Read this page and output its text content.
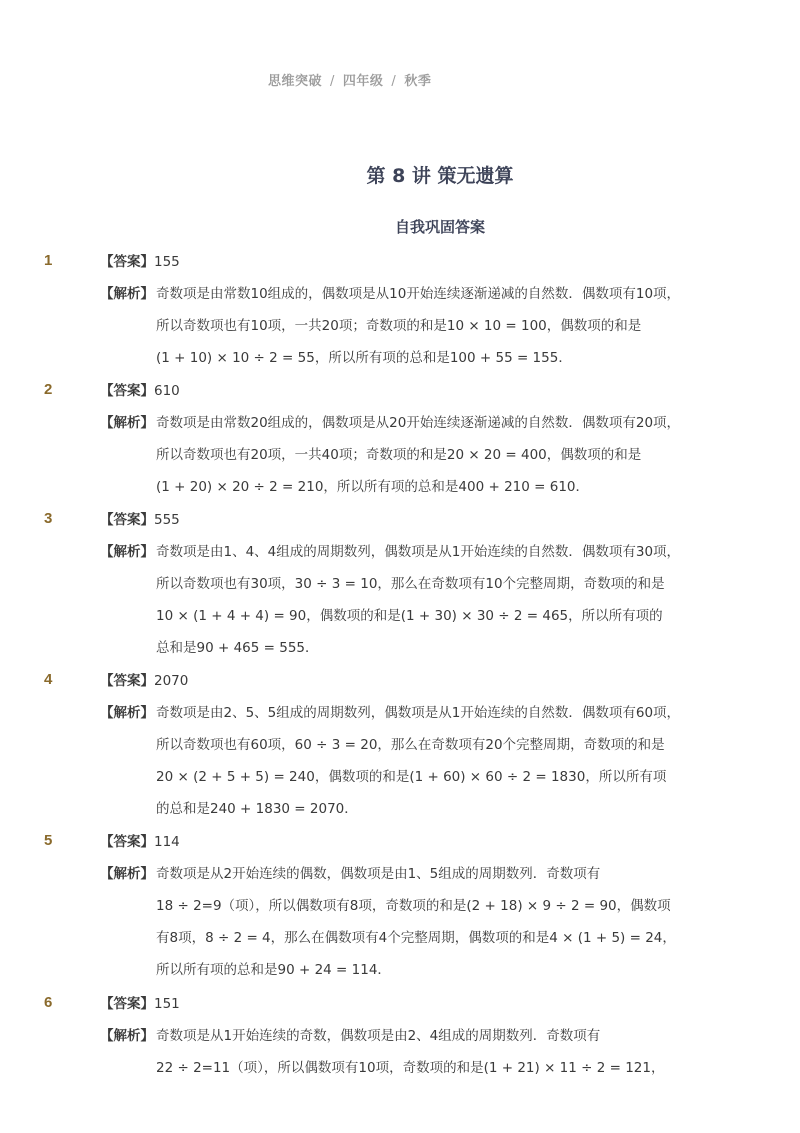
思维突破 / 四年级 / 秋季
第 8 讲 策无遗算
自我巩固答案
1	【答案】155
【解析】 奇数项是由常数10组成的，偶数项是从10开始连续逐渐递减的自然数．偶数项有10项，
所以奇数项也有10项，一共20项；奇数项的和是10 × 10 = 100，偶数项的和是
(1 + 10) × 10 ÷ 2 = 55，所以所有项的总和是100 + 55 = 155．
2	【答案】610
【解析】 奇数项是由常数20组成的，偶数项是从20开始连续逐渐递减的自然数．偶数项有20项，
所以奇数项也有20项，一共40项；奇数项的和是20 × 20 = 400，偶数项的和是
(1 + 20) × 20 ÷ 2 = 210，所以所有项的总和是400 + 210 = 610．
3	【答案】555
【解析】 奇数项是由1、4、4组成的周期数列，偶数项是从1开始连续的自然数．偶数项有30项，
所以奇数项也有30项，30 ÷ 3 = 10，那么在奇数项有10个完整周期，奇数项的和是
10 × (1 + 4 + 4) = 90，偶数项的和是(1 + 30) × 30 ÷ 2 = 465，所以所有项的
总和是90 + 465 = 555．
4	【答案】2070
【解析】 奇数项是由2、5、5组成的周期数列，偶数项是从1开始连续的自然数．偶数项有60项，
所以奇数项也有60项，60 ÷ 3 = 20，那么在奇数项有20个完整周期，奇数项的和是
20 × (2 + 5 + 5) = 240，偶数项的和是(1 + 60) × 60 ÷ 2 = 1830，所以所有项
的总和是240 + 1830 = 2070．
5	【答案】114
【解析】 奇数项是从2开始连续的偶数，偶数项是由1、5组成的周期数列．奇数项有
18 ÷ 2=9（项），所以偶数项有8项，奇数项的和是(2 + 18) × 9 ÷ 2 = 90，偶数项
有8项，8 ÷ 2 = 4，那么在偶数项有4个完整周期，偶数项的和是4 × (1 + 5) = 24，
所以所有项的总和是90 + 24 = 114．
6	【答案】151
【解析】 奇数项是从1开始连续的奇数，偶数项是由2、4组成的周期数列．奇数项有
22 ÷ 2=11（项），所以偶数项有10项，奇数项的和是(1 + 21) × 11 ÷ 2 = 121，
